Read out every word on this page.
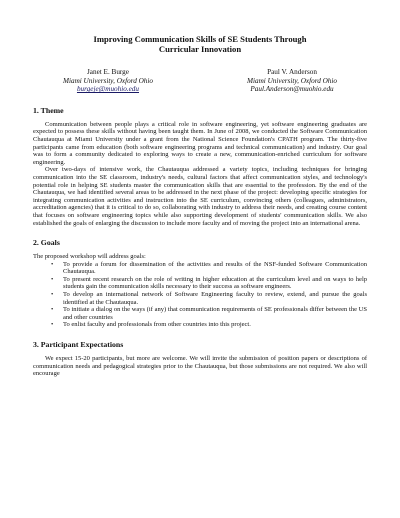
Improving Communication Skills of SE Students Through
Curricular Innovation
Janet E. Burge
Miami University, Oxford Ohio
burgeje@muohio.edu
Paul V. Anderson
Miami University, Oxford Ohio
Paul.Anderson@muohio.edu
1. Theme

Communication between people plays a critical role in software engineering, yet software engineering graduates are expected to possess these skills without having been taught them. In June of 2008, we conducted the Software Communication Chautauqua at Miami University under a grant from the National Science Foundation's CPATH program. The thirty-five participants came from education (both software engineering programs and technical communication) and industry. Our goal was to form a community dedicated to exploring ways to create a new, communication-enriched curriculum for software engineering.

Over two-days of intensive work, the Chautauqua addressed a variety topics, including techniques for bringing communication into the SE classroom, industry's needs, cultural factors that affect communication styles, and technology's potential role in helping SE students master the communication skills that are essential to the profession. By the end of the Chautauqua, we had identified several areas to be addressed in the next phase of the project: developing specific strategies for integrating communication activities and instruction into the SE curriculum, convincing others (colleagues, administrators, accreditation agencies) that it is critical to do so, collaborating with industry to address their needs, and creating course content that focuses on software engineering topics while also supporting development of students' communication skills. We also established the goals of enlarging the discussion to include more faculty and of moving the project into an international arena.

2. Goals

The proposed workshop will address goals:

• To provide a forum for dissemination of the activities and results of the NSF-funded Software Communication Chautauqua.
• To present recent research on the role of writing in higher education at the curriculum level and on ways to help students gain the communication skills necessary to their success as software engineers.
• To develop an international network of Software Engineering faculty to review, extend, and pursue the goals identified at the Chautauqua.
• To initiate a dialog on the ways (if any) that communication requirements of SE professionals differ between the US and other countries
• To enlist faculty and professionals from other countries into this project.
3. Participant Expectations

We expect 15-20 participants, but more are welcome. We will invite the submission of position papers or descriptions of communication needs and pedagogical strategies prior to the Chautauqua, but those submissions are not required. We also will encourage
